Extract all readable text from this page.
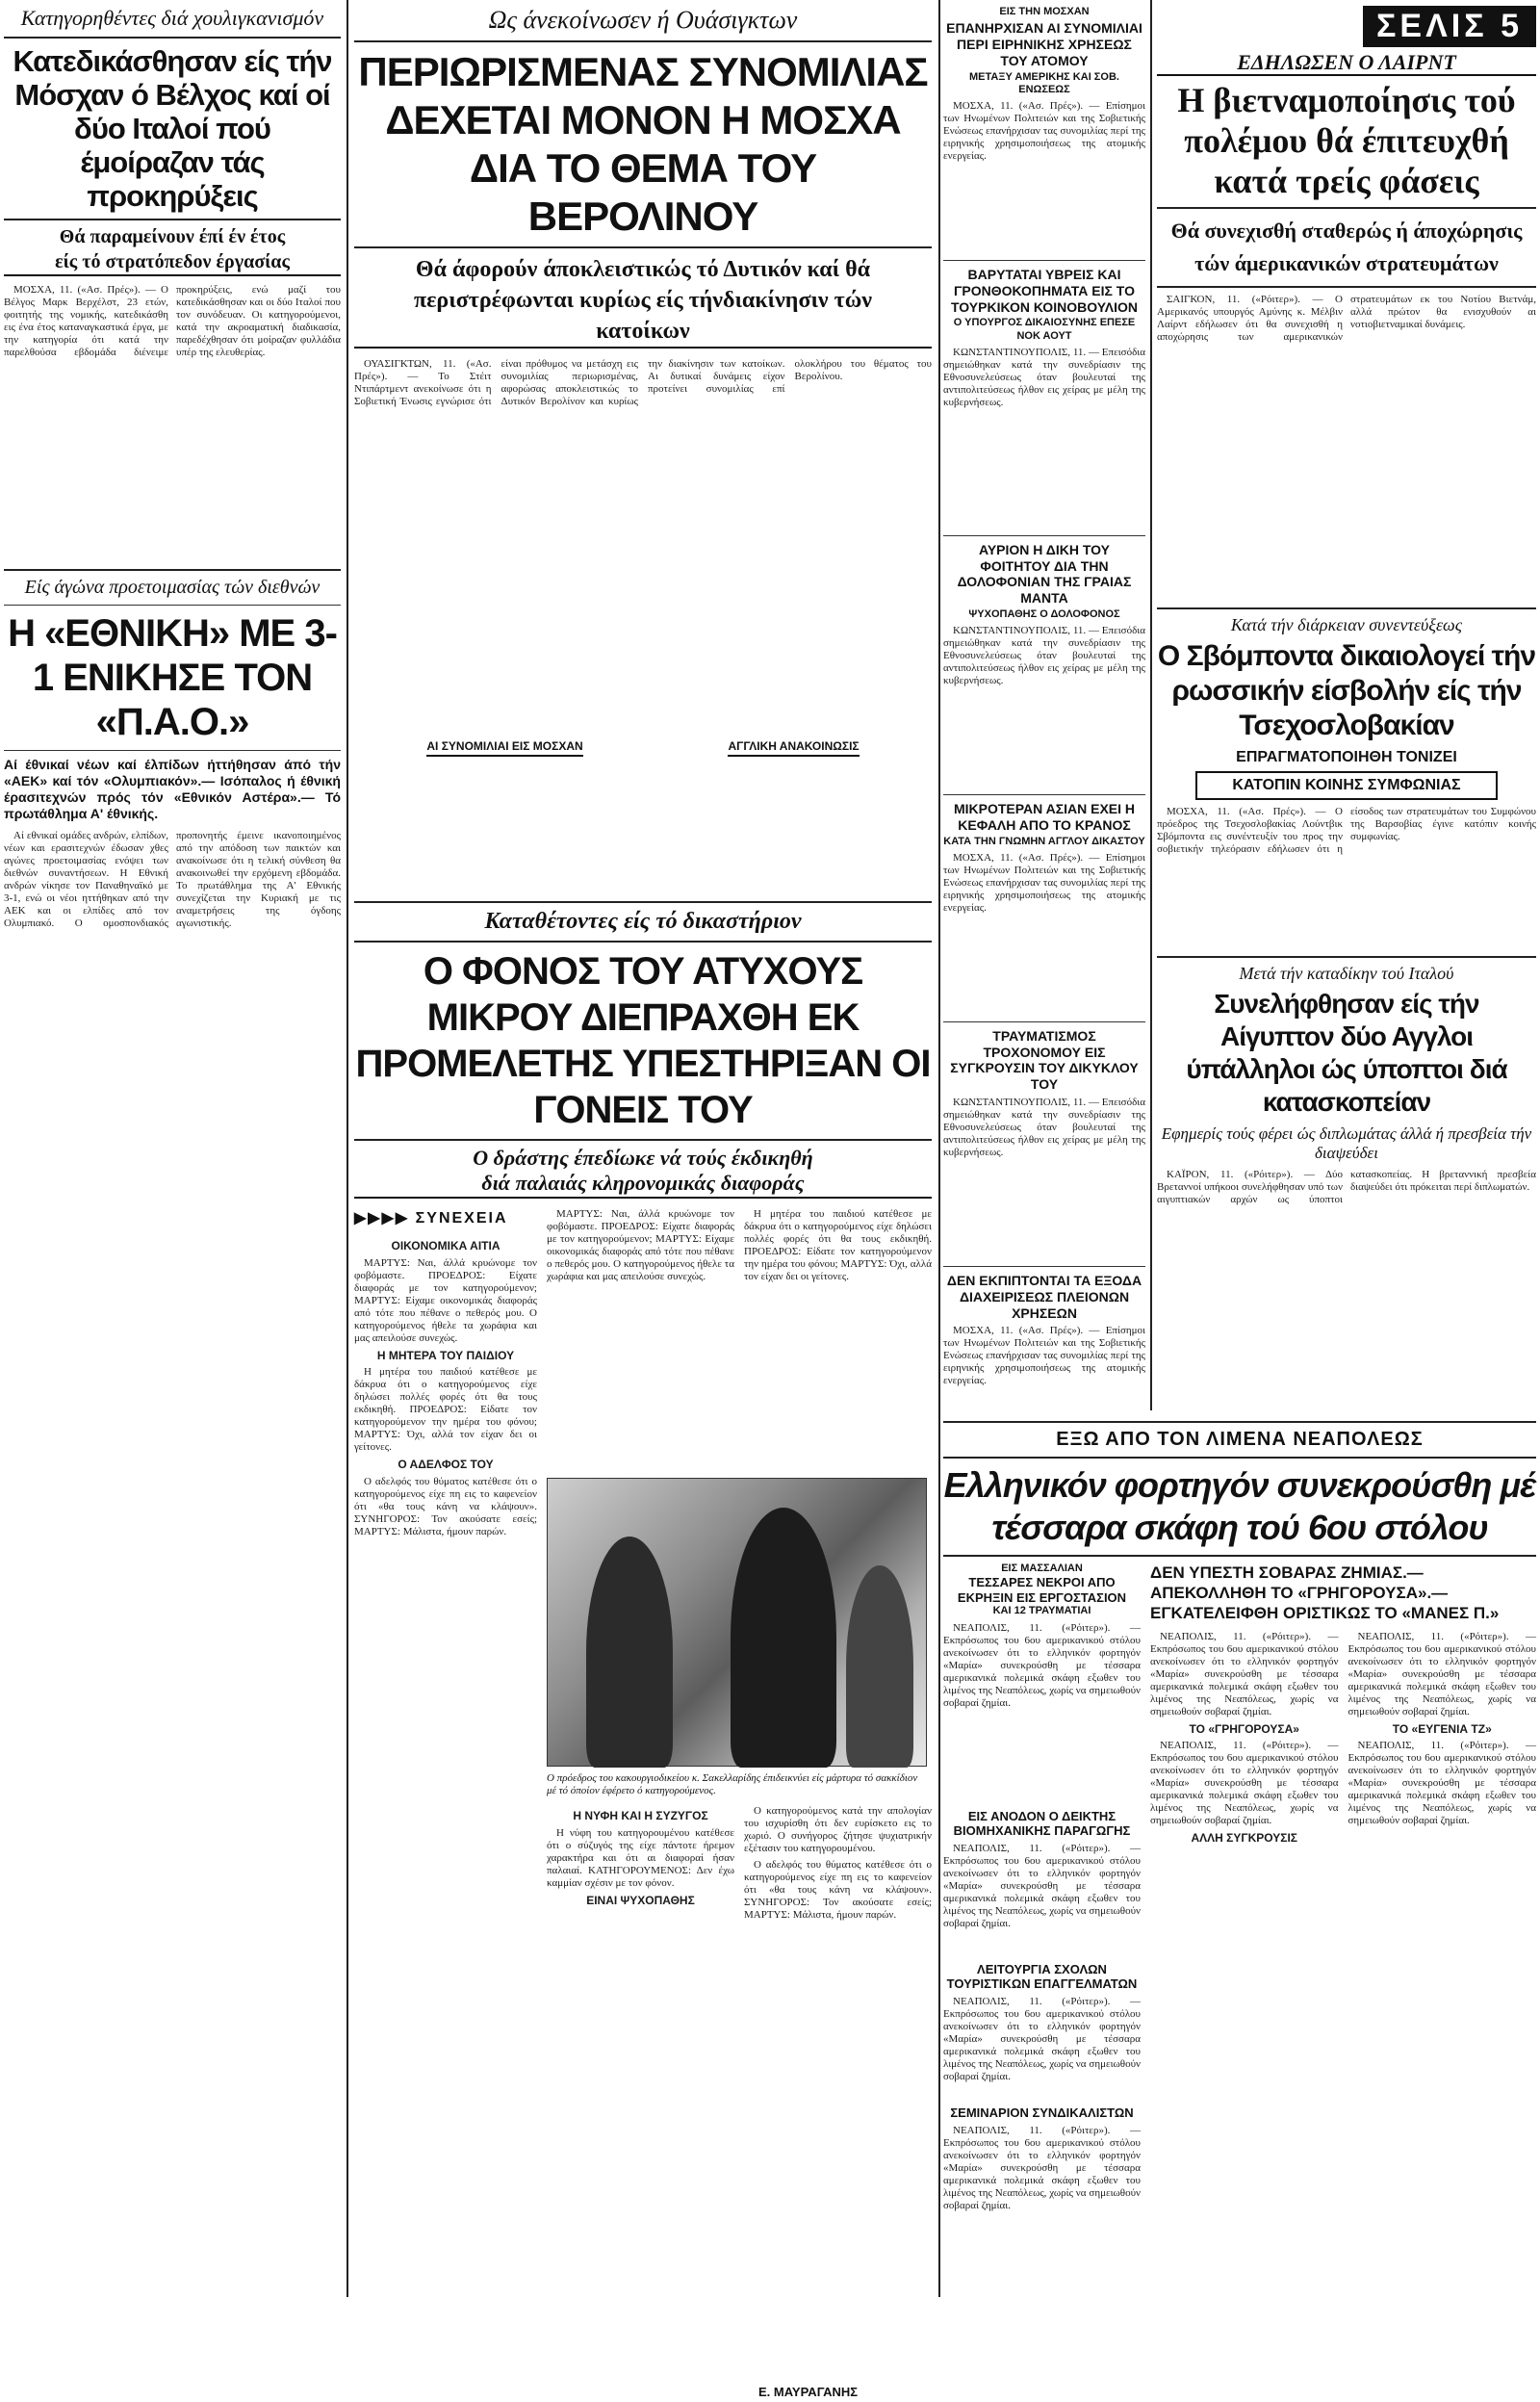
Κατηγορηθέντες διά χουλιγκανισμόν
Κατεδικάσθησαν είς τήν Μόσχαν ό Βέλχος καί οί δύο Ιταλοί πού έμοίραζαν τάς προκηρύξεις
Θά παραμείνουν έπί έν έτος
είς τό στρατόπεδον έργασίας

ΜΟΣΧΑ, 11. («Ασ. Πρές»). — Ο Βέλγος Μαρκ Βερχέλστ, 23 ετών, φοιτητής της νομικής, κατεδικάσθη εις ένα έτος καταναγκαστικά έργα, με την κατηγορία ότι κατά την παρελθούσα εβδομάδα διένειμε προκηρύξεις, ενώ μαζί του κατεδικάσθησαν και οι δύο Ιταλοί που τον συνόδευαν. Οι κατηγορούμενοι, κατά την ακροαματική διαδικασία, παρεδέχθησαν ότι μοίραζαν φυλλάδια υπέρ της ελευθερίας.

Είς άγώνα προετοιμασίας τών διεθνών
Η «ΕΘΝΙΚΗ» ΜΕ 3-1 ΕΝΙΚΗΣΕ ΤΟΝ «Π.Α.Ο.»
Αί έθνικαί νέων καί έλπίδων ήττήθησαν άπό τήν «ΑΕΚ» καί τόν «Ολυμπιακόν».— Ισόπαλος ή έθνική έρασιτεχνών πρός τόν «Εθνικόν Αστέρα».— Τό πρωτάθλημα Α' έθνικής.

Αί εθνικαί ομάδες ανδρών, ελπίδων, νέων και ερασιτεχνών έδωσαν χθες αγώνες προετοιμασίας ενόψει των διεθνών συναντήσεων. Η Εθνική ανδρών νίκησε τον Παναθηναϊκό με 3-1, ενώ οι νέοι ηττήθηκαν από την ΑΕΚ και οι ελπίδες από τον Ολυμπιακό. Ο ομοσπονδιακός προπονητής έμεινε ικανοποιημένος από την απόδοση των παικτών και ανακοίνωσε ότι η τελική σύνθεση θα ανακοινωθεί την ερχόμενη εβδομάδα. Το πρωτάθλημα της Α' Εθνικής συνεχίζεται την Κυριακή με τις αναμετρήσεις της όγδοης αγωνιστικής.

Ως άνεκοίνωσεν ή Ουάσιγκτων
ΠΕΡΙΩΡΙΣΜΕΝΑΣ ΣΥΝΟΜΙΛΙΑΣ ΔΕΧΕΤΑΙ ΜΟΝΟΝ Η ΜΟΣΧΑ ΔΙΑ ΤΟ ΘΕΜΑ ΤΟΥ ΒΕΡΟΛΙΝΟΥ
Θά άφορούν άποκλειστικώς τό Δυτικόν καί θά περιστρέφωνται κυρίως είς τήνδιακίνησιν τών κατοίκων

ΟΥΑΣΙΓΚΤΩΝ, 11. («Ασ. Πρές»). — Το Στέιτ Ντιπάρτμεντ ανεκοίνωσε ότι η Σοβιετική Ένωσις εγνώρισε ότι είναι πρόθυμος να μετάσχη εις συνομιλίας περιωρισμένας, αφορώσας αποκλειστικώς το Δυτικόν Βερολίνον και κυρίως την διακίνησιν των κατοίκων. Αι δυτικαί δυνάμεις είχον προτείνει συνομιλίας επί ολοκλήρου του θέματος του Βερολίνου.

ΑΙ ΣΥΝΟΜΙΛΙΑΙ ΕΙΣ ΜΟΣΧΑΝ	ΑΓΓΛΙΚΗ ΑΝΑΚΟΙΝΩΣΙΣ
Καταθέτοντες είς τό δικαστήριον
Ο ΦΟΝΟΣ ΤΟΥ ΑΤΥΧΟΥΣ ΜΙΚΡΟΥ ΔΙΕΠΡΑΧΘΗ ΕΚ ΠΡΟΜΕΛΕΤΗΣ ΥΠΕΣΤΗΡΙΞΑΝ ΟΙ ΓΟΝΕΙΣ ΤΟΥ
Ο δράστης έπεδίωκε νά τούς έκδικηθή
διά παλαιάς κληρονομικάς διαφοράς
▶▶▶▶ ΣΥΝΕΧΕΙΑ
ΟΙΚΟΝΟΜΙΚΑ ΑΙΤΙΑ

ΜΑΡΤΥΣ: Ναι, άλλά κρυώνομε τον φοβόμαστε. ΠΡΟΕΔΡΟΣ: Είχατε διαφοράς με τον κατηγορούμενον; ΜΑΡΤΥΣ: Είχαμε οικονομικάς διαφοράς από τότε που πέθανε ο πεθερός μου. Ο κατηγορούμενος ήθελε τα χωράφια και μας απειλούσε συνεχώς.

Η ΜΗΤΕΡΑ ΤΟΥ ΠΑΙΔΙΟΥ

Η μητέρα του παιδιού κατέθεσε με δάκρυα ότι ο κατηγορούμενος είχε δηλώσει πολλές φορές ότι θα τους εκδικηθή. ΠΡΟΕΔΡΟΣ: Είδατε τον κατηγορούμενον την ημέρα του φόνου; ΜΑΡΤΥΣ: Όχι, αλλά τον είχαν δει οι γείτονες.

Ο ΑΔΕΛΦΟΣ ΤΟΥ

Ο αδελφός του θύματος κατέθεσε ότι ο κατηγορούμενος είχε πη εις το καφενείον ότι «θα τους κάνη να κλάψουν». ΣΥΝΗΓΟΡΟΣ: Τον ακούσατε εσείς; ΜΑΡΤΥΣ: Μάλιστα, ήμουν παρών.

ΜΑΡΤΥΣ: Ναι, άλλά κρυώνομε τον φοβόμαστε. ΠΡΟΕΔΡΟΣ: Είχατε διαφοράς με τον κατηγορούμενον; ΜΑΡΤΥΣ: Είχαμε οικονομικάς διαφοράς από τότε που πέθανε ο πεθερός μου. Ο κατηγορούμενος ήθελε τα χωράφια και μας απειλούσε συνεχώς.

Η μητέρα του παιδιού κατέθεσε με δάκρυα ότι ο κατηγορούμενος είχε δηλώσει πολλές φορές ότι θα τους εκδικηθή. ΠΡΟΕΔΡΟΣ: Είδατε τον κατηγορούμενον την ημέρα του φόνου; ΜΑΡΤΥΣ: Όχι, αλλά τον είχαν δει οι γείτονες.

Ο πρόεδρος του κακουργιοδικείου κ. Σακελλαρίδης έπιδεικνύει είς μάρτυρα τό σακκίδιον μέ τό όποίον έφέρετο ό κατηγορούμενος.
Η ΝΥΦΗ ΚΑΙ Η ΣΥΖΥΓΟΣ

Η νύφη του κατηγορουμένου κατέθεσε ότι ο σύζυγός της είχε πάντοτε ήρεμον χαρακτήρα και ότι αι διαφοραί ήσαν παλαιαί. ΚΑΤΗΓΟΡΟΥΜΕΝΟΣ: Δεν έχω καμμίαν σχέσιν με τον φόνον.

ΕΙΝΑΙ ΨΥΧΟΠΑΘΗΣ

Ο κατηγορούμενος κατά την απολογίαν του ισχυρίσθη ότι δεν ευρίσκετο εις το χωριό. Ο συνήγορος ζήτησε ψυχιατρικήν εξέτασιν του κατηγορουμένου.

Ο αδελφός του θύματος κατέθεσε ότι ο κατηγορούμενος είχε πη εις το καφενείον ότι «θα τους κάνη να κλάψουν». ΣΥΝΗΓΟΡΟΣ: Τον ακούσατε εσείς; ΜΑΡΤΥΣ: Μάλιστα, ήμουν παρών.

Ε. ΜΑΥΡΑΓΑΝΗΣ
ΕΙΣ ΤΗΝ ΜΟΣΧΑΝ
ΕΠΑΝΗΡΧΙΣΑΝ ΑΙ ΣΥΝΟΜΙΛΙΑΙ ΠΕΡΙ ΕΙΡΗΝΙΚΗΣ ΧΡΗΣΕΩΣ ΤΟΥ ΑΤΟΜΟΥ
ΜΕΤΑΞΥ ΑΜΕΡΙΚΗΣ ΚΑΙ ΣΟΒ. ΕΝΩΣΕΩΣ

ΜΟΣΧΑ, 11. («Ασ. Πρές»). — Επίσημοι των Ηνωμένων Πολιτειών και της Σοβιετικής Ενώσεως επανήρχισαν τας συνομιλίας περί της ειρηνικής χρησιμοποιήσεως της ατομικής ενεργείας.

ΒΑΡΥΤΑΤΑΙ ΥΒΡΕΙΣ ΚΑΙ ΓΡΟΝΘΟΚΟΠΗΜΑΤΑ ΕΙΣ ΤΟ ΤΟΥΡΚΙΚΟΝ ΚΟΙΝΟΒΟΥΛΙΟΝ
Ο ΥΠΟΥΡΓΟΣ ΔΙΚΑΙΟΣΥΝΗΣ ΕΠΕΣΕ ΝΟΚ ΑΟΥΤ

ΚΩΝΣΤΑΝΤΙΝΟΥΠΟΛΙΣ, 11. — Επεισόδια σημειώθηκαν κατά την συνεδρίασιν της Εθνοσυνελεύσεως όταν βουλευταί της αντιπολιτεύσεως ήλθον εις χείρας με μέλη της κυβερνήσεως.

ΑΥΡΙΟΝ Η ΔΙΚΗ ΤΟΥ ΦΟΙΤΗΤΟΥ ΔΙΑ ΤΗΝ ΔΟΛΟΦΟΝΙΑΝ ΤΗΣ ΓΡΑΙΑΣ ΜΑΝΤΑ
ΨΥΧΟΠΑΘΗΣ Ο ΔΟΛΟΦΟΝΟΣ

ΚΩΝΣΤΑΝΤΙΝΟΥΠΟΛΙΣ, 11. — Επεισόδια σημειώθηκαν κατά την συνεδρίασιν της Εθνοσυνελεύσεως όταν βουλευταί της αντιπολιτεύσεως ήλθον εις χείρας με μέλη της κυβερνήσεως.

ΜΙΚΡΟΤΕΡΑΝ ΑΣΙΑΝ ΕΧΕΙ Η ΚΕΦΑΛΗ ΑΠΟ ΤΟ ΚΡΑΝΟΣ
ΚΑΤΑ ΤΗΝ ΓΝΩΜΗΝ ΑΓΓΛΟΥ ΔΙΚΑΣΤΟΥ

ΜΟΣΧΑ, 11. («Ασ. Πρές»). — Επίσημοι των Ηνωμένων Πολιτειών και της Σοβιετικής Ενώσεως επανήρχισαν τας συνομιλίας περί της ειρηνικής χρησιμοποιήσεως της ατομικής ενεργείας.

ΤΡΑΥΜΑΤΙΣΜΟΣ ΤΡΟΧΟΝΟΜΟΥ ΕΙΣ ΣΥΓΚΡΟΥΣΙΝ ΤΟΥ ΔΙΚΥΚΛΟΥ ΤΟΥ

ΚΩΝΣΤΑΝΤΙΝΟΥΠΟΛΙΣ, 11. — Επεισόδια σημειώθηκαν κατά την συνεδρίασιν της Εθνοσυνελεύσεως όταν βουλευταί της αντιπολιτεύσεως ήλθον εις χείρας με μέλη της κυβερνήσεως.

ΔΕΝ ΕΚΠΙΠΤΟΝΤΑΙ ΤΑ ΕΞΟΔΑ ΔΙΑΧΕΙΡΙΣΕΩΣ ΠΛΕΙΟΝΩΝ ΧΡΗΣΕΩΝ

ΜΟΣΧΑ, 11. («Ασ. Πρές»). — Επίσημοι των Ηνωμένων Πολιτειών και της Σοβιετικής Ενώσεως επανήρχισαν τας συνομιλίας περί της ειρηνικής χρησιμοποιήσεως της ατομικής ενεργείας.

ΣΕΛΙΣ 5
ΕΔΗΛΩΣΕΝ Ο ΛΑΙΡΝΤ
Η βιετναμοποίησις τού πολέμου θά έπιτευχθή κατά τρείς φάσεις
Θά συνεχισθή σταθερώς ή άποχώρησις τών άμερικανικών στρατευμάτων

ΣΑΙΓΚΟΝ, 11. («Ρόιτερ»). — Ο Αμερικανός υπουργός Αμύνης κ. Μέλβιν Λαίρντ εδήλωσεν ότι θα συνεχισθή η αποχώρησις των αμερικανικών στρατευμάτων εκ του Νοτίου Βιετνάμ, αλλά πρώτον θα ενισχυθούν αι νοτιοβιετναμικαί δυνάμεις.

Κατά τήν διάρκειαν συνεντεύξεως
Ο Σβόμποντα δικαιολογεί τήν ρωσσικήν είσβολήν είς τήν Τσεχοσλοβακίαν
ΕΠΡΑΓΜΑΤΟΠΟΙΗΘΗ ΤΟΝΙΖΕΙ
ΚΑΤΟΠΙΝ ΚΟΙΝΗΣ ΣΥΜΦΩΝΙΑΣ

ΜΟΣΧΑ, 11. («Ασ. Πρές»). — Ο πρόεδρος της Τσεχοσλοβακίας Λούντβικ Σβόμποντα εις συνέντευξίν του προς την σοβιετικήν τηλεόρασιν εδήλωσεν ότι η είσοδος των στρατευμάτων του Συμφώνου της Βαρσοβίας έγινε κατόπιν κοινής συμφωνίας.

Μετά τήν καταδίκην τού Ιταλού
Συνελήφθησαν είς τήν Αίγυπτον δύο Αγγλοι ύπάλληλοι ώς ύποπτοι διά κατασκοπείαν
Εφημερίς τούς φέρει ώς διπλωμάτας άλλά ή πρεσβεία τήν διαψεύδει

ΚΑΪΡΟΝ, 11. («Ρόιτερ»). — Δύο Βρεταννοί υπήκοοι συνελήφθησαν υπό των αιγυπτιακών αρχών ως ύποπτοι κατασκοπείας. Η βρεταννική πρεσβεία διαψεύδει ότι πρόκειται περί διπλωματών.

ΕΞΩ ΑΠΟ ΤΟΝ ΛΙΜΕΝΑ ΝΕΑΠΟΛΕΩΣ
Ελληνικόν φορτηγόν συνεκρούσθη μέ τέσσαρα σκάφη τού 6ου στόλου
ΕΙΣ ΜΑΣΣΑΛΙΑΝ
ΤΕΣΣΑΡΕΣ ΝΕΚΡΟΙ ΑΠΟ ΕΚΡΗΞΙΝ ΕΙΣ ΕΡΓΟΣΤΑΣΙΟΝ
ΚΑΙ 12 ΤΡΑΥΜΑΤΙΑΙ

ΝΕΑΠΟΛΙΣ, 11. («Ρόιτερ»). — Εκπρόσωπος του 6ου αμερικανικού στόλου ανεκοίνωσεν ότι το ελληνικόν φορτηγόν «Μαρία» συνεκρούσθη με τέσσαρα αμερικανικά πολεμικά σκάφη εξωθεν του λιμένος της Νεαπόλεως, χωρίς να σημειωθούν σοβαραί ζημίαι.

ΕΙΣ ΑΝΟΔΟΝ Ο ΔΕΙΚΤΗΣ ΒΙΟΜΗΧΑΝΙΚΗΣ ΠΑΡΑΓΩΓΗΣ

ΝΕΑΠΟΛΙΣ, 11. («Ρόιτερ»). — Εκπρόσωπος του 6ου αμερικανικού στόλου ανεκοίνωσεν ότι το ελληνικόν φορτηγόν «Μαρία» συνεκρούσθη με τέσσαρα αμερικανικά πολεμικά σκάφη εξωθεν του λιμένος της Νεαπόλεως, χωρίς να σημειωθούν σοβαραί ζημίαι.

ΛΕΙΤΟΥΡΓΙΑ ΣΧΟΛΩΝ ΤΟΥΡΙΣΤΙΚΩΝ ΕΠΑΓΓΕΛΜΑΤΩΝ

ΝΕΑΠΟΛΙΣ, 11. («Ρόιτερ»). — Εκπρόσωπος του 6ου αμερικανικού στόλου ανεκοίνωσεν ότι το ελληνικόν φορτηγόν «Μαρία» συνεκρούσθη με τέσσαρα αμερικανικά πολεμικά σκάφη εξωθεν του λιμένος της Νεαπόλεως, χωρίς να σημειωθούν σοβαραί ζημίαι.

ΣΕΜΙΝΑΡΙΟΝ ΣΥΝΔΙΚΑΛΙΣΤΩΝ

ΝΕΑΠΟΛΙΣ, 11. («Ρόιτερ»). — Εκπρόσωπος του 6ου αμερικανικού στόλου ανεκοίνωσεν ότι το ελληνικόν φορτηγόν «Μαρία» συνεκρούσθη με τέσσαρα αμερικανικά πολεμικά σκάφη εξωθεν του λιμένος της Νεαπόλεως, χωρίς να σημειωθούν σοβαραί ζημίαι.

ΔΕΝ ΥΠΕΣΤΗ ΣΟΒΑΡΑΣ ΖΗΜΙΑΣ.— ΑΠΕΚΟΛΛΗΘΗ ΤΟ «ΓΡΗΓΟΡΟΥΣΑ».— ΕΓΚΑΤΕΛΕΙΦΘΗ ΟΡΙΣΤΙΚΩΣ ΤΟ «ΜΑΝΕΣ Π.»

ΝΕΑΠΟΛΙΣ, 11. («Ρόιτερ»). — Εκπρόσωπος του 6ου αμερικανικού στόλου ανεκοίνωσεν ότι το ελληνικόν φορτηγόν «Μαρία» συνεκρούσθη με τέσσαρα αμερικανικά πολεμικά σκάφη εξωθεν του λιμένος της Νεαπόλεως, χωρίς να σημειωθούν σοβαραί ζημίαι.

ΤΟ «ΓΡΗΓΟΡΟΥΣΑ»

ΝΕΑΠΟΛΙΣ, 11. («Ρόιτερ»). — Εκπρόσωπος του 6ου αμερικανικού στόλου ανεκοίνωσεν ότι το ελληνικόν φορτηγόν «Μαρία» συνεκρούσθη με τέσσαρα αμερικανικά πολεμικά σκάφη εξωθεν του λιμένος της Νεαπόλεως, χωρίς να σημειωθούν σοβαραί ζημίαι.

ΑΛΛΗ ΣΥΓΚΡΟΥΣΙΣ

ΝΕΑΠΟΛΙΣ, 11. («Ρόιτερ»). — Εκπρόσωπος του 6ου αμερικανικού στόλου ανεκοίνωσεν ότι το ελληνικόν φορτηγόν «Μαρία» συνεκρούσθη με τέσσαρα αμερικανικά πολεμικά σκάφη εξωθεν του λιμένος της Νεαπόλεως, χωρίς να σημειωθούν σοβαραί ζημίαι.

ΤΟ «ΕΥΓΕΝΙΑ ΤΖ»

ΝΕΑΠΟΛΙΣ, 11. («Ρόιτερ»). — Εκπρόσωπος του 6ου αμερικανικού στόλου ανεκοίνωσεν ότι το ελληνικόν φορτηγόν «Μαρία» συνεκρούσθη με τέσσαρα αμερικανικά πολεμικά σκάφη εξωθεν του λιμένος της Νεαπόλεως, χωρίς να σημειωθούν σοβαραί ζημίαι.
